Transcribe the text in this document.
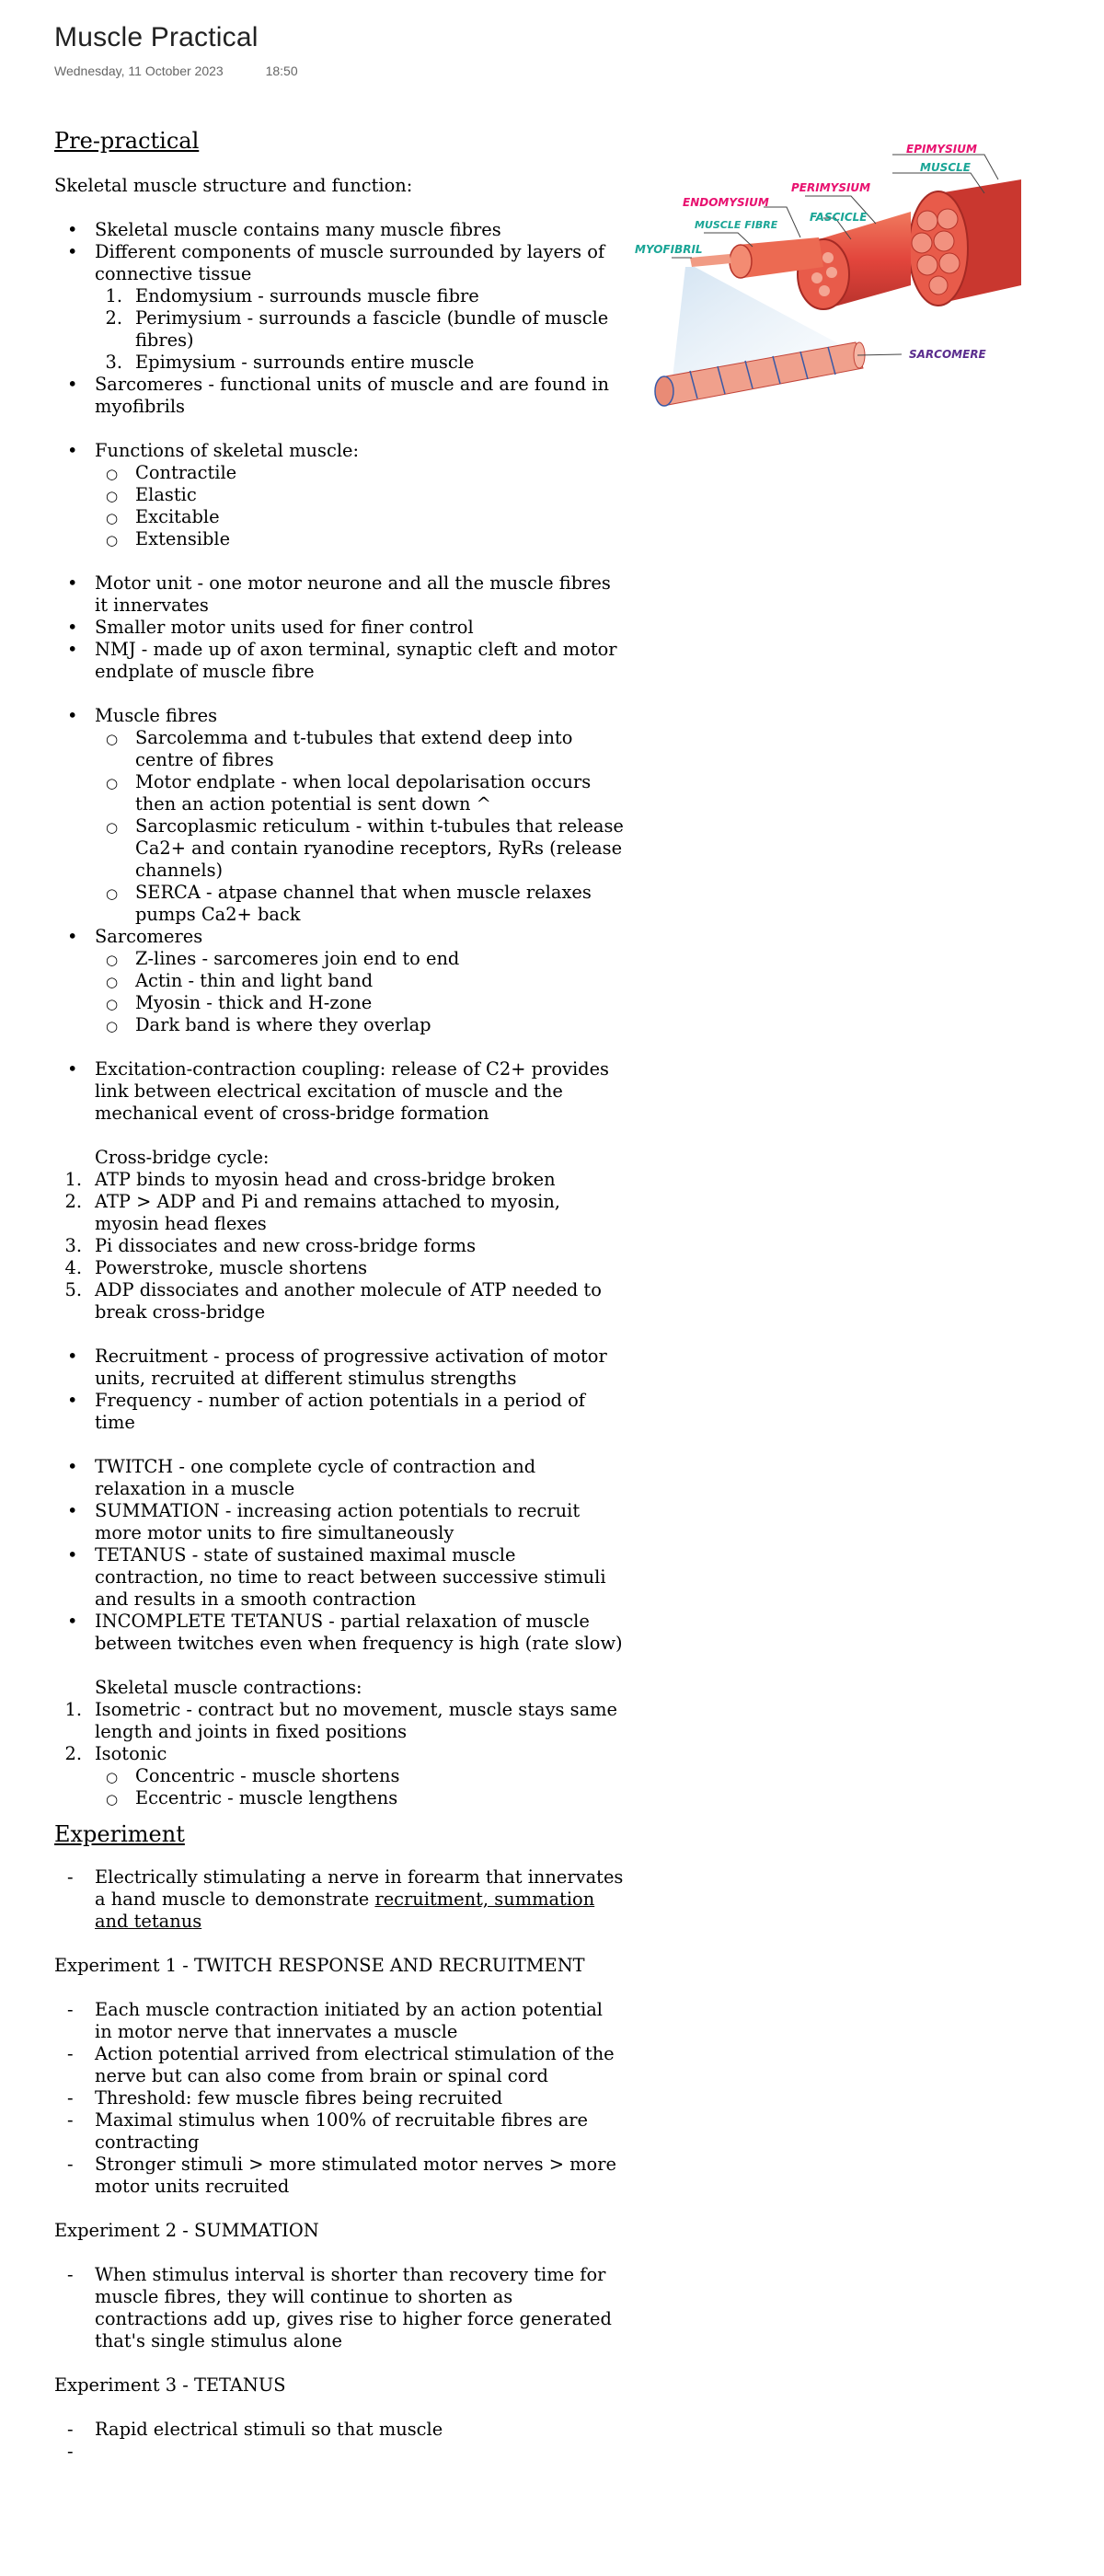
Muscle Practical
Wednesday, 11 October 2023	18:50
Pre-practical

Skeletal muscle structure and function:

• Skeletal muscle contains many muscle fibres
• Different components of muscle surrounded by layers of connective tissue
1. Endomysium - surrounds muscle fibre
2. Perimysium - surrounds a fascicle (bundle of muscle fibres)
3. Epimysium - surrounds entire muscle
• Sarcomeres - functional units of muscle and are found in myofibrils
• Functions of skeletal muscle:
○ Contractile
○ Elastic
○ Excitable
○ Extensible
• Motor unit - one motor neurone and all the muscle fibres it innervates
• Smaller motor units used for finer control
• NMJ - made up of axon terminal, synaptic cleft and motor endplate of muscle fibre
• Muscle fibres
○ Sarcolemma and t-tubules that extend deep into centre of fibres
○ Motor endplate - when local depolarisation occurs then an action potential is sent down ^
○ Sarcoplasmic reticulum - within t-tubules that release Ca2+ and contain ryanodine receptors, RyRs (release channels)
○ SERCA - atpase channel that when muscle relaxes pumps Ca2+ back
• Sarcomeres
○ Z-lines - sarcomeres join end to end
○ Actin - thin and light band
○ Myosin - thick and H-zone
○ Dark band is where they overlap
• Excitation-contraction coupling: release of C2+ provides link between electrical excitation of muscle and the mechanical event of cross-bridge formation

Cross-bridge cycle:

1. ATP binds to myosin head and cross-bridge broken
2. ATP > ADP and Pi and remains attached to myosin, myosin head flexes
3. Pi dissociates and new cross-bridge forms
4. Powerstroke, muscle shortens
5. ADP dissociates and another molecule of ATP needed to break cross-bridge
• Recruitment - process of progressive activation of motor units, recruited at different stimulus strengths
• Frequency - number of action potentials in a period of time
• TWITCH - one complete cycle of contraction and relaxation in a muscle
• SUMMATION - increasing action potentials to recruit more motor units to fire simultaneously
• TETANUS - state of sustained maximal muscle contraction, no time to react between successive stimuli and results in a smooth contraction
• INCOMPLETE TETANUS - partial relaxation of muscle between twitches even when frequency is high (rate slow)

Skeletal muscle contractions:

1. Isometric - contract but no movement, muscle stays same length and joints in fixed positions
2. Isotonic
○ Concentric - muscle shortens
○ Eccentric - muscle lengthens
Experiment
- Electrically stimulating a nerve in forearm that innervates a hand muscle to demonstrate recruitment, summation and tetanus

Experiment 1 - TWITCH RESPONSE AND RECRUITMENT

- Each muscle contraction initiated by an action potential in motor nerve that innervates a muscle
- Action potential arrived from electrical stimulation of the nerve but can also come from brain or spinal cord
- Threshold: few muscle fibres being recruited
- Maximal stimulus when 100% of recruitable fibres are contracting
- Stronger stimuli > more stimulated motor nerves > more motor units recruited

Experiment 2 - SUMMATION

- When stimulus interval is shorter than recovery time for muscle fibres, they will continue to shorten as contractions add up, gives rise to higher force generated that's single stimulus alone

Experiment 3 - TETANUS

- Rapid electrical stimuli so that muscle
-
EPIMYSIUM
MUSCLE
ENDOMYSIUM
PERIMYSIUM
MUSCLE FIBRE
FASCICLE
MYOFIBRIL
SARCOMERE
